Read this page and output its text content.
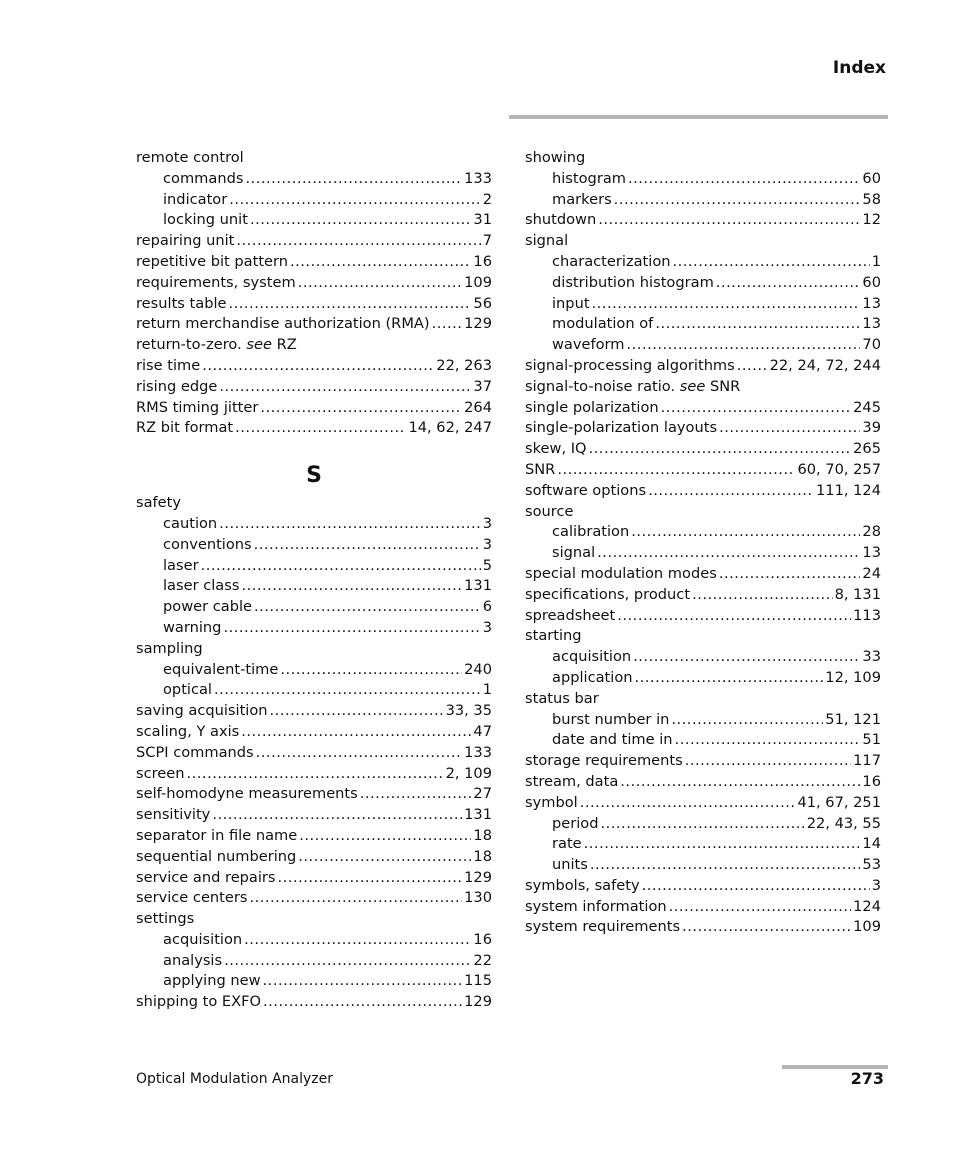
Index
remote control
commands .....	133
indicator .....	2
locking unit .....	31
repairing unit .....	7
repetitive bit pattern .....	16
requirements, system .....	109
results table .....	56
return merchandise authorization (RMA) ..... 129
return-to-zero.
see
RZ
rise time .....	22, 263
rising edge .....	37
RMS timing jitter .....	264
RZ bit format .....	14, 62, 247
S
safety
caution .....	3
conventions .....	3
laser .....	5
laser class .....	131
power cable .....	6
warning .....	3
sampling
equivalent-time .....	240
optical .....	1
saving acquisition .....	33, 35
scaling, Y axis .....	47
SCPI commands .....	133
screen .....	2, 109
self-homodyne measurements .....	27
sensitivity .....	131
separator in file name .....	18
sequential numbering .....	18
service and repairs .....	129
service centers .....	130
settings
acquisition .....	16
analysis .....	22
applying new .....	115
shipping to EXFO .....	129
showing
histogram .....	60
markers .....	58
shutdown .....	12
signal
characterization .....	1
distribution histogram .....	60
input .....	13
modulation of .....	13
waveform .....	70
signal-processing algorithms ..... 22, 24, 72, 244
signal-to-noise ratio.
see
SNR
single polarization .....	245
single-polarization layouts .....	39
skew, IQ .....	265
SNR .....	60, 70, 257
software options .....	111, 124
source
calibration .....	28
signal .....	13
special modulation modes .....	24
specifications, product .....	8, 131
spreadsheet .....	113
starting
acquisition .....	33
application .....	12, 109
status bar
burst number in .....	51, 121
date and time in .....	51
storage requirements .....	117
stream, data .....	16
symbol .....	41, 67, 251
period .....	22, 43, 55
rate .....	14
units .....	53
symbols, safety .....	3
system information .....	124
system requirements .....	109
Optical Modulation Analyzer	273
